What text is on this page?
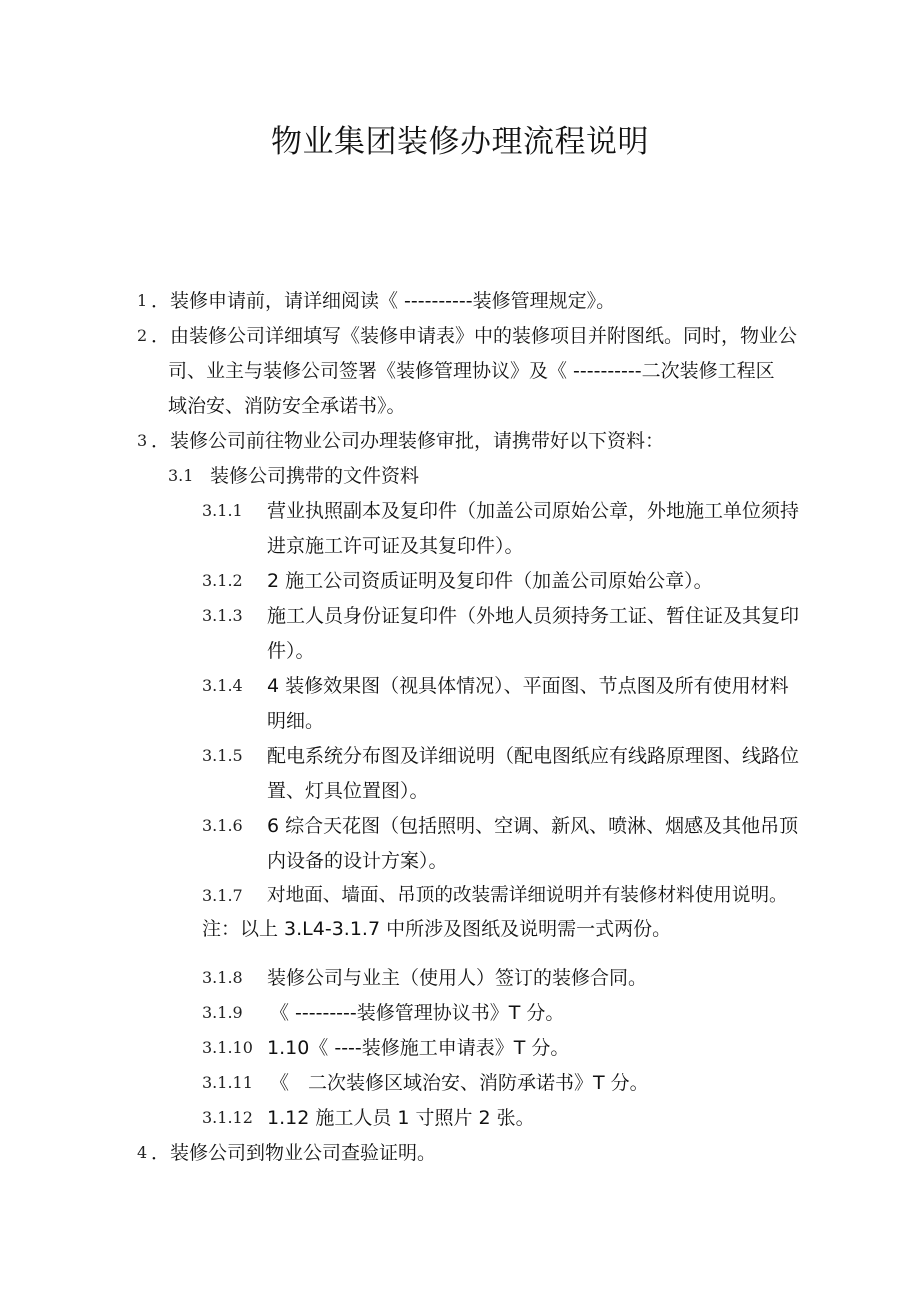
物业集团装修办理流程说明
1 ．装修申请前，请详细阅读《 ----------装修管理规定》。
2 ．由装修公司详细填写《装修申请表》中的装修项目并附图纸。同时，物业公
司、业主与装修公司签署《装修管理协议》及《 ----------二次装修工程区
域治安、消防安全承诺书》。
3 ．装修公司前往物业公司办理装修审批，请携带好以下资料：
3.1 装修公司携带的文件资料
3.1.1 营业执照副本及复印件（加盖公司原始公章，外地施工单位须持
进京施工许可证及其复印件）。
3.1.2 2 施工公司资质证明及复印件（加盖公司原始公章）。
3.1.3 施工人员身份证复印件（外地人员须持务工证、暂住证及其复印
件）。
3.1.4 4 装修效果图（视具体情况）、平面图、节点图及所有使用材料
明细。
3.1.5 配电系统分布图及详细说明（配电图纸应有线路原理图、线路位
置、灯具位置图）。
3.1.6 6 综合天花图（包括照明、空调、新风、喷淋、烟感及其他吊顶
内设备的设计方案）。
3.1.7 对地面、墙面、吊顶的改装需详细说明并有装修材料使用说明。
注：以上 3.L4-3.1.7 中所涉及图纸及说明需一式两份。
3.1.8 装修公司与业主（使用人）签订的装修合同。
3.1.9 《 ---------装修管理协议书》T 分。
3.1.10 1.10《 ----装修施工申请表》T 分。
3.1.11 《　二次装修区域治安、消防承诺书》T 分。
3.1.12 1.12 施工人员 1 寸照片 2 张。
4 ．装修公司到物业公司查验证明。
